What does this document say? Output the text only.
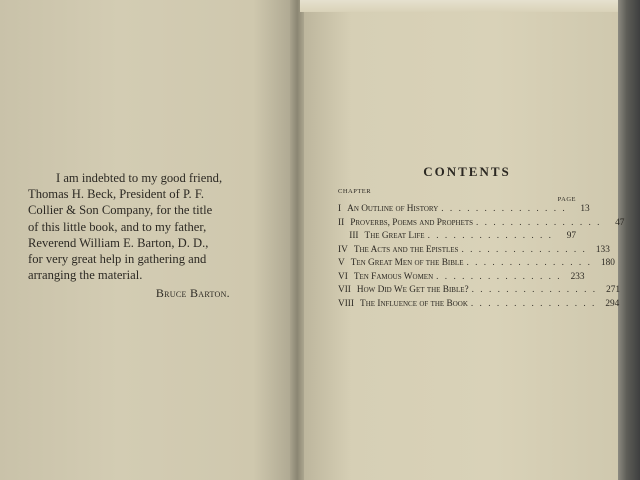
I am indebted to my good friend,
Thomas H. Beck, President of P. F.
Collier & Son Company, for the title
of this little book, and to my father,
Reverend William E. Barton, D. D.,
for very great help in gathering and
arranging the material.
Bruce Barton.
CONTENTS
CHAPTER
PAGE
I An Outline of History . . . . . . . . . . . . . . .	13
II Proverbs, Poems and Prophets . . . . . . . . . . . . . . .	47
III The Great Life . . . . . . . . . . . . . . .	97
IV The Acts and the Epistles . . . . . . . . . . . . . . . 133
V Ten Great Men of the Bible . . . . . . . . . . . . . . . 180
VI Ten Famous Women . . . . . . . . . . . . . . . 233
VII How Did We Get the Bible? . . . . . . . . . . . . . . . 271
VIII The Influence of the Book . . . . . . . . . . . . . . . 294
